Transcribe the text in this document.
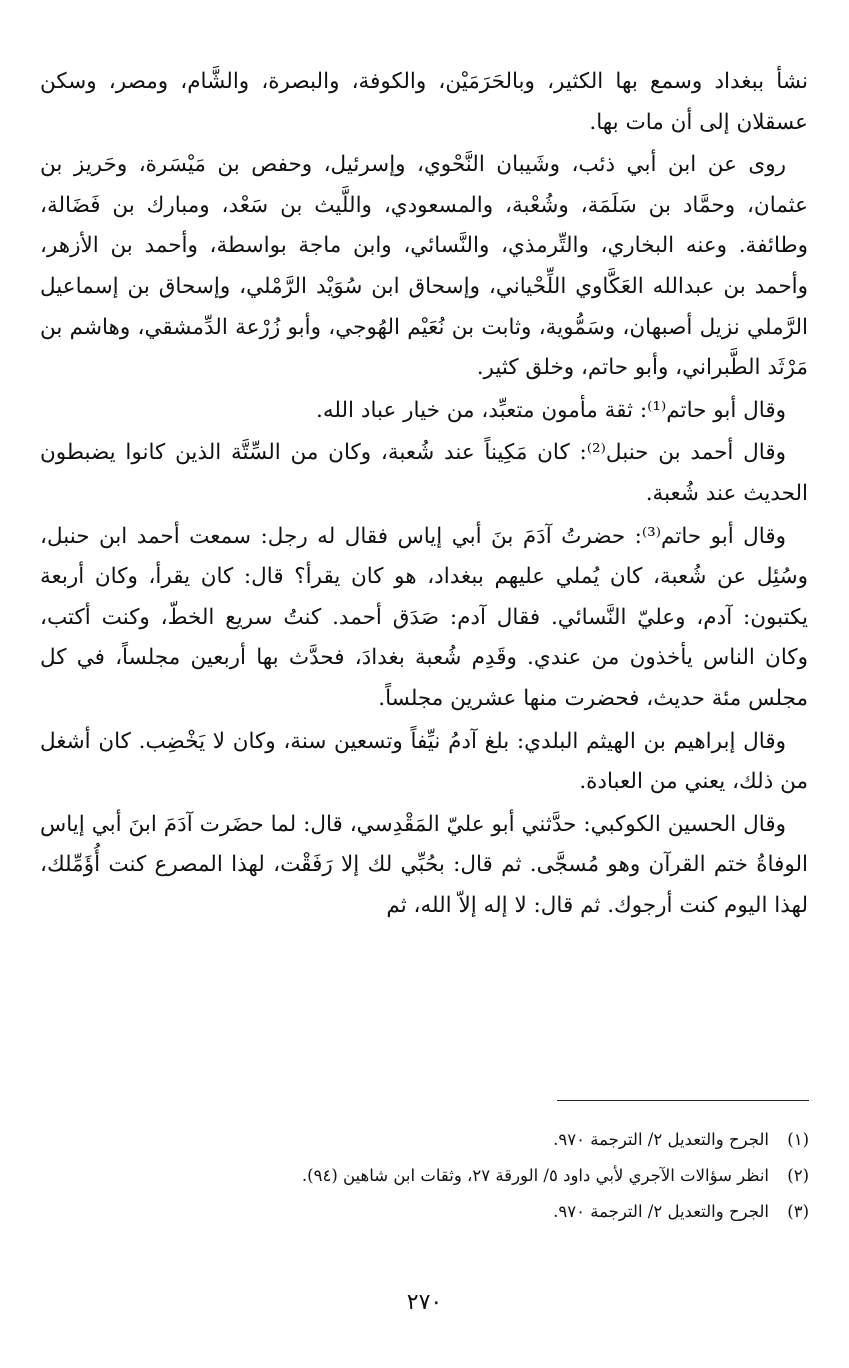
نشأ ببغداد وسمع بها الكثير، وبالحَرَمَيْن، والكوفة، والبصرة، والشَّام، ومصر، وسكن عسقلان إلى أن مات بها.

روى عن ابن أبي ذئب، وشَيبان النَّحْوي، وإسرئيل، وحفص بن مَيْسَرة، وحَريز بن عثمان، وحمَّاد بن سَلَمَة، وشُعْبة، والمسعودي، واللَّيث بن سَعْد، ومبارك بن فَضَالة، وطائفة. وعنه البخاري، والتِّرمذي، والنَّسائي، وابن ماجة بواسطة، وأحمد بن الأزهر، وأحمد بن عبدالله العَكَّاوي اللِّحْياني، وإسحاق ابن سُوَيْد الرَّمْلي، وإسحاق بن إسماعيل الرَّملي نزيل أصبهان، وسَمُّوية، وثابت بن نُعَيْم الهُوجي، وأبو زُرْعة الدِّمشقي، وهاشم بن مَرْثَد الطَّبراني، وأبو حاتم، وخلق كثير.

وقال أبو حاتم⁽¹⁾: ثقة مأمون متعبِّد، من خيار عباد الله.

وقال أحمد بن حنبل⁽²⁾: كان مَكِيناً عند شُعبة، وكان من السِّتَّة الذين كانوا يضبطون الحديث عند شُعبة.

وقال أبو حاتم⁽³⁾: حضرتُ آدَمَ بنَ أبي إياس فقال له رجل: سمعت أحمد ابن حنبل، وسُئِل عن شُعبة، كان يُملي عليهم ببغداد، هو كان يقرأ؟ قال: كان يقرأ، وكان أربعة يكتبون: آدم، وعليّ النَّسائي. فقال آدم: صَدَق أحمد. كنتُ سريع الخطّ، وكنت أكتب، وكان الناس يأخذون من عندي. وقَدِم شُعبة بغدادَ، فحدَّث بها أربعين مجلساً، في كل مجلس مئة حديث، فحضرت منها عشرين مجلساً.

وقال إبراهيم بن الهيثم البلدي: بلغ آدمُ نيِّفاً وتسعين سنة، وكان لا يَخْضِب. كان أشغل من ذلك، يعني من العبادة.

وقال الحسين الكوكبي: حدَّثني أبو عليّ المَقْدِسي، قال: لما حضَرت آدَمَ ابنَ أبي إياس الوفاةُ ختم القرآن وهو مُسجَّى. ثم قال: بحُبِّي لك إلا رَفَقْت، لهذا المصرع كنت أُؤَمِّلك، لهذا اليوم كنت أرجوك. ثم قال: لا إله إلاّ الله، ثم

(١)
الجرح والتعديل ٢/ الترجمة ٩٧٠.
(٢)
انظر سؤالات الآجري لأبي داود ٥/ الورقة ٢٧، وثقات ابن شاهين (٩٤).
(٣)
الجرح والتعديل ٢/ الترجمة ٩٧٠.
٢٧٠
